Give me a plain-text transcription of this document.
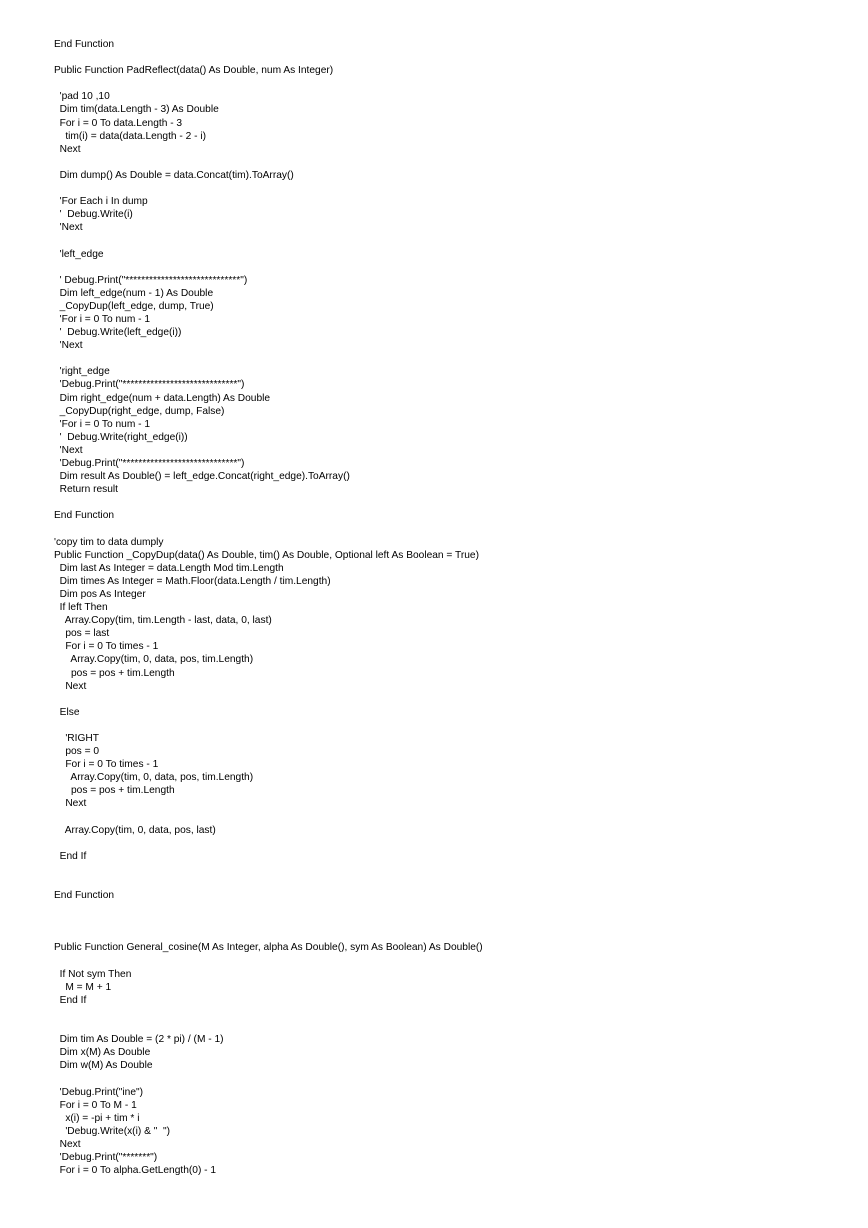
End Function
Public Function PadReflect(data() As Double, num As Integer)
'pad 10 ,10
Dim tim(data.Length - 3) As Double
For i = 0 To data.Length - 3
tim(i) = data(data.Length - 2 - i)
Next
Dim dump() As Double = data.Concat(tim).ToArray()
'For Each i In dump
'  Debug.Write(i)
'Next
'left_edge
' Debug.Print("*****************************")
Dim left_edge(num - 1) As Double
_CopyDup(left_edge, dump, True)
'For i = 0 To num - 1
'  Debug.Write(left_edge(i))
'Next
'right_edge
'Debug.Print("*****************************")
Dim right_edge(num + data.Length) As Double
_CopyDup(right_edge, dump, False)
'For i = 0 To num - 1
'  Debug.Write(right_edge(i))
'Next
'Debug.Print("*****************************")
Dim result As Double() = left_edge.Concat(right_edge).ToArray()
Return result
End Function
'copy tim to data dumply
Public Function _CopyDup(data() As Double, tim() As Double, Optional left As Boolean = True)
Dim last As Integer = data.Length Mod tim.Length
Dim times As Integer = Math.Floor(data.Length / tim.Length)
Dim pos As Integer
If left Then
Array.Copy(tim, tim.Length - last, data, 0, last)
pos = last
For i = 0 To times - 1
Array.Copy(tim, 0, data, pos, tim.Length)
pos = pos + tim.Length
Next
Else
'RIGHT
pos = 0
For i = 0 To times - 1
Array.Copy(tim, 0, data, pos, tim.Length)
pos = pos + tim.Length
Next
Array.Copy(tim, 0, data, pos, last)
End If
End Function
Public Function General_cosine(M As Integer, alpha As Double(), sym As Boolean) As Double()
If Not sym Then
M = M + 1
End If
Dim tim As Double = (2 * pi) / (M - 1)
Dim x(M) As Double
Dim w(M) As Double
'Debug.Print("ine")
For i = 0 To M - 1
x(i) = -pi + tim * i
'Debug.Write(x(i) & "  ")
Next
'Debug.Print("*******")
For i = 0 To alpha.GetLength(0) - 1
